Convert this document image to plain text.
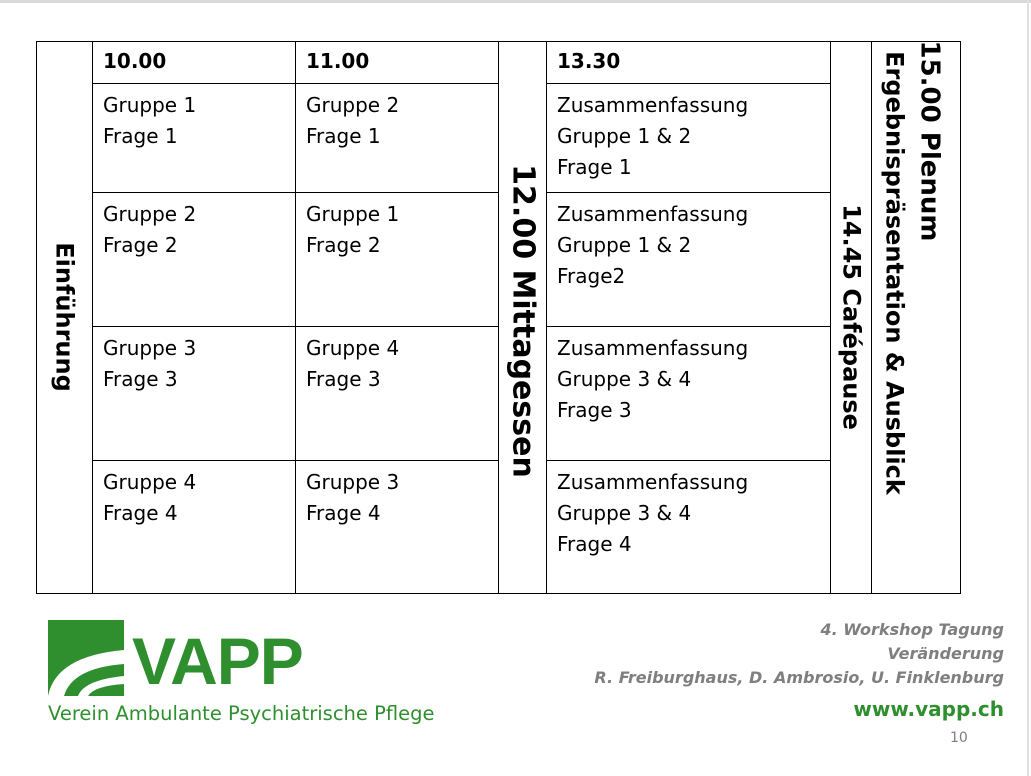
Einführung
10.00
Gruppe 1
Frage 1
Gruppe 2
Frage 2
Gruppe 3
Frage 3
Gruppe 4
Frage 4
11.00
Gruppe 2
Frage 1
Gruppe 1
Frage 2
Gruppe 4
Frage 3
Gruppe 3
Frage 4
12.00 Mittagessen
13.30
Zusammenfassung
Gruppe 1 & 2
Frage 1
Zusammenfassung
Gruppe 1 & 2
Frage2
Zusammenfassung
Gruppe 3 & 4
Frage 3
Zusammenfassung
Gruppe 3 & 4
Frage 4
14.45 Cafépause
15.00 Plenum
Ergebnispräsentation & Ausblick
VAPP
Verein Ambulante Psychiatrische Pflege
4. Workshop Tagung
Veränderung
R. Freiburghaus, D. Ambrosio, U. Finklenburg
www.vapp.ch
10
